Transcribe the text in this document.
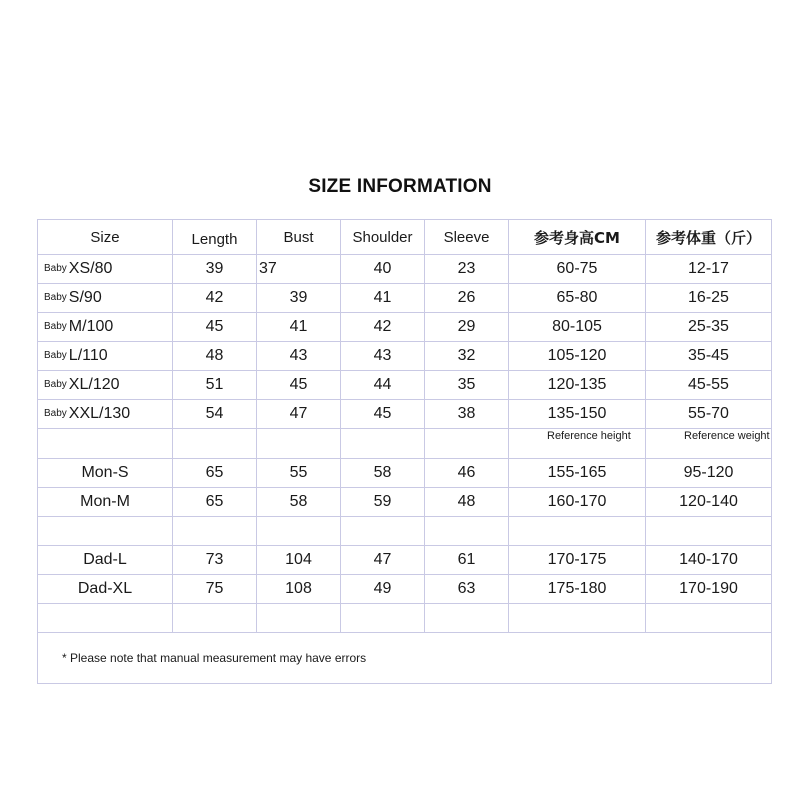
SIZE INFORMATION
Size	Length	Bust	Shoulder	Sleeve	参考身高CM	参考体重（斤）
Baby XS/80	39	37	40	23	60-75	12-17
Baby S/90	42	39	41	26	65-80	16-25
Baby M/100	45	41	42	29	80-105	25-35
Baby L/110	48	43	43	32	105-120	35-45
Baby XL/120	51	45	44	35	120-135	45-55
Baby XXL/130	54	47	45	38	135-150	55-70
					Reference height	Reference weight
Mon-S	65	55	58	46	155-165	95-120
Mon-M	65	58	59	48	160-170	120-140

Dad-L	73	104	47	61	170-175	140-170
Dad-XL	75	108	49	63	175-180	170-190

* Please note that manual measurement may have errors						
